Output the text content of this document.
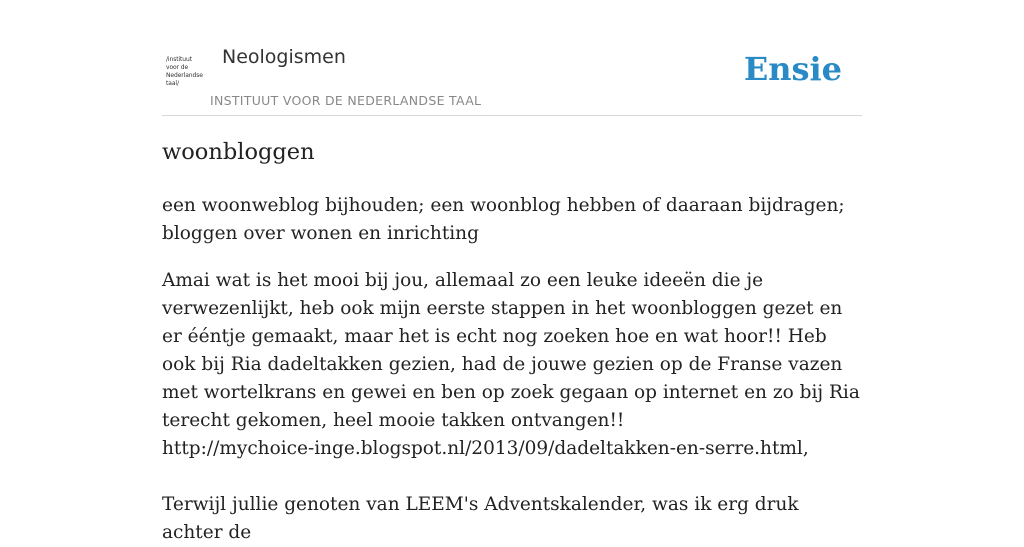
/instituut
voor de
Nederlandse
taal/
Neologismen
INSTITUUT VOOR DE NEDERLANDSE TAAL
Ensie
woonbloggen
een woonweblog bijhouden; een woonblog hebben of daaraan bijdragen; bloggen over wonen en inrichting
Amai wat is het mooi bij jou, allemaal zo een leuke ideeën die je verwezenlijkt, heb ook mijn eerste stappen in het woonbloggen gezet en er ééntje gemaakt, maar het is echt nog zoeken hoe en wat hoor!! Heb ook bij Ria dadeltakken gezien, had de jouwe gezien op de Franse vazen met wortelkrans en gewei en ben op zoek gegaan op internet en zo bij Ria terecht gekomen, heel mooie takken ontvangen!!
http://mychoice-inge.blogspot.nl/2013/09/dadeltakken-en-serre.html,

Terwijl jullie genoten van LEEM's Adventskalender, was ik erg druk achter de
